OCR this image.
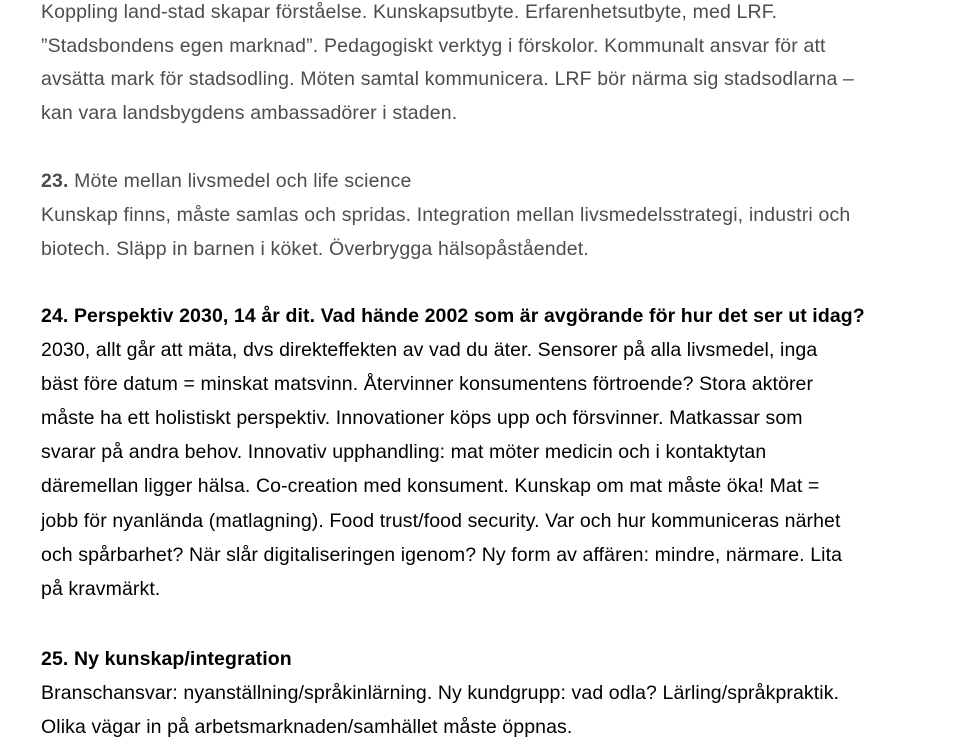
Koppling land-stad skapar förståelse. Kunskapsutbyte. Erfarenhetsutbyte, med LRF.
”Stadsbondens egen marknad”. Pedagogiskt verktyg i förskolor. Kommunalt ansvar för att
avsätta mark för stadsodling. Möten samtal kommunicera. LRF bör närma sig stadsodlarna –
kan vara landsbygdens ambassadörer i staden.
23. Möte mellan livsmedel och life science
Kunskap finns, måste samlas och spridas. Integration mellan livsmedelsstrategi, industri och
biotech. Släpp in barnen i köket. Överbrygga hälsopåståendet.
24. Perspektiv 2030, 14 år dit. Vad hände 2002 som är avgörande för hur det ser ut idag?
2030, allt går att mäta, dvs direkteffekten av vad du äter. Sensorer på alla livsmedel, inga
bäst före datum = minskat matsvinn. Återvinner konsumentens förtroende? Stora aktörer
måste ha ett holistiskt perspektiv. Innovationer köps upp och försvinner. Matkassar som
svarar på andra behov. Innovativ upphandling: mat möter medicin och i kontaktytan
däremellan ligger hälsa. Co-creation med konsument. Kunskap om mat måste öka! Mat =
jobb för nyanlända (matlagning). Food trust/food security. Var och hur kommuniceras närhet
och spårbarhet? När slår digitaliseringen igenom? Ny form av affären: mindre, närmare. Lita
på kravmärkt.
25. Ny kunskap/integration
Branschansvar: nyanställning/språkinlärning. Ny kundgrupp: vad odla? Lärling/språkpraktik.
Olika vägar in på arbetsmarknaden/samhället måste öppnas.
